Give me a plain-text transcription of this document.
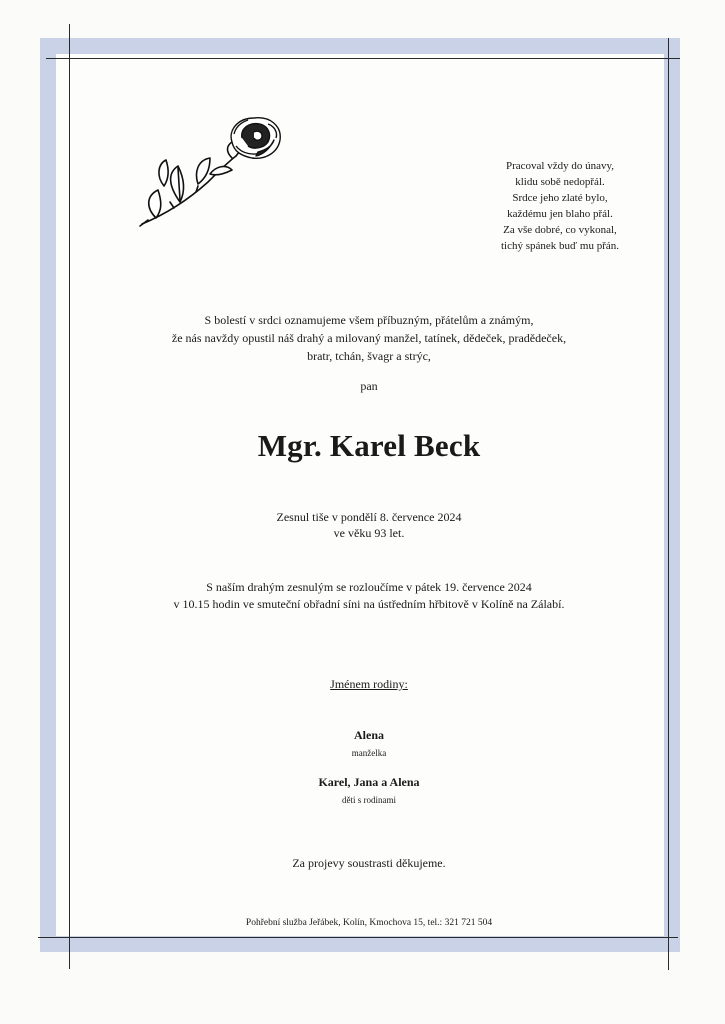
Pracoval vždy do únavy,
klidu sobě nedopřál.
Srdce jeho zlaté bylo,
každému jen blaho přál.
Za vše dobré, co vykonal,
tichý spánek buď mu přán.
S bolestí v srdci oznamujeme všem příbuzným, přátelům a známým,
že nás navždy opustil náš drahý a milovaný manžel, tatínek, dědeček, pradědeček,
bratr, tchán, švagr a strýc,
pan
Mgr. Karel Beck
Zesnul tiše v pondělí 8. července 2024
ve věku 93 let.
S naším drahým zesnulým se rozloučíme v pátek 19. července 2024
v 10.15 hodin ve smuteční obřadní síni na ústředním hřbitově v Kolíně na Zálabí.
Jménem rodiny:
Alena
manželka
Karel, Jana a Alena
děti s rodinami
Za projevy soustrasti děkujeme.
Pohřební služba Jeřábek, Kolín, Kmochova 15, tel.: 321 721 504
